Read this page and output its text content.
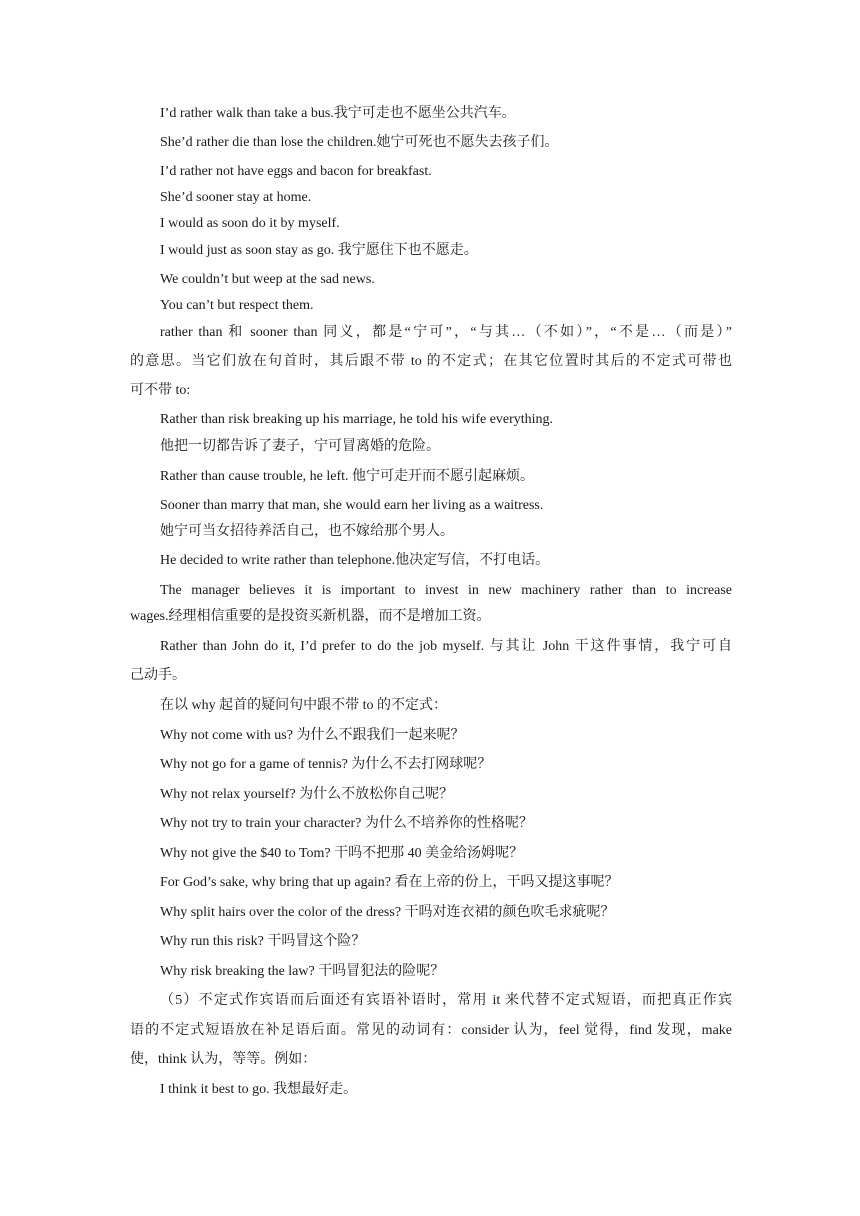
I’d rather walk than take a bus.我宁可走也不愿坐公共汽车。
She’d rather die than lose the children.她宁可死也不愿失去孩子们。
I’d rather not have eggs and bacon for breakfast.
She’d sooner stay at home.
I would as soon do it by myself.
I would just as soon stay as go. 我宁愿住下也不愿走。
We couldn’t but weep at the sad news.
You can’t but respect them.
rather than 和 sooner than 同义，都是“宁可”，“与其…（不如）”，“不是…（而是）”
的意思。当它们放在句首时，其后跟不带 to 的不定式；在其它位置时其后的不定式可带也
可不带 to:
Rather than risk breaking up his marriage, he told his wife everything.
他把一切都告诉了妻子，宁可冒离婚的危险。
Rather than cause trouble, he left. 他宁可走开而不愿引起麻烦。
Sooner than marry that man, she would earn her living as a waitress.
她宁可当女招待养活自己，也不嫁给那个男人。
He decided to write rather than telephone.他决定写信，不打电话。
The manager believes it is important to invest in new machinery rather than to increase
wages.经理相信重要的是投资买新机器，而不是增加工资。
Rather than John do it, I’d prefer to do the job myself. 与其让 John 干这件事情，我宁可自
己动手。
在以 why 起首的疑问句中跟不带 to 的不定式：
Why not come with us? 为什么不跟我们一起来呢？
Why not go for a game of tennis? 为什么不去打网球呢？
Why not relax yourself? 为什么不放松你自己呢？
Why not try to train your character? 为什么不培养你的性格呢？
Why not give the $40 to Tom? 干吗不把那 40 美金给汤姆呢？
For God’s sake, why bring that up again? 看在上帝的份上，干吗又提这事呢？
Why split hairs over the color of the dress? 干吗对连衣裙的颜色吹毛求疵呢？
Why run this risk? 干吗冒这个险？
Why risk breaking the law? 干吗冒犯法的险呢？
（5）不定式作宾语而后面还有宾语补语时，常用 it 来代替不定式短语，而把真正作宾
语的不定式短语放在补足语后面。常见的动词有：consider 认为，feel 觉得，find 发现，make
使，think 认为，等等。例如：
I think it best to go. 我想最好走。
